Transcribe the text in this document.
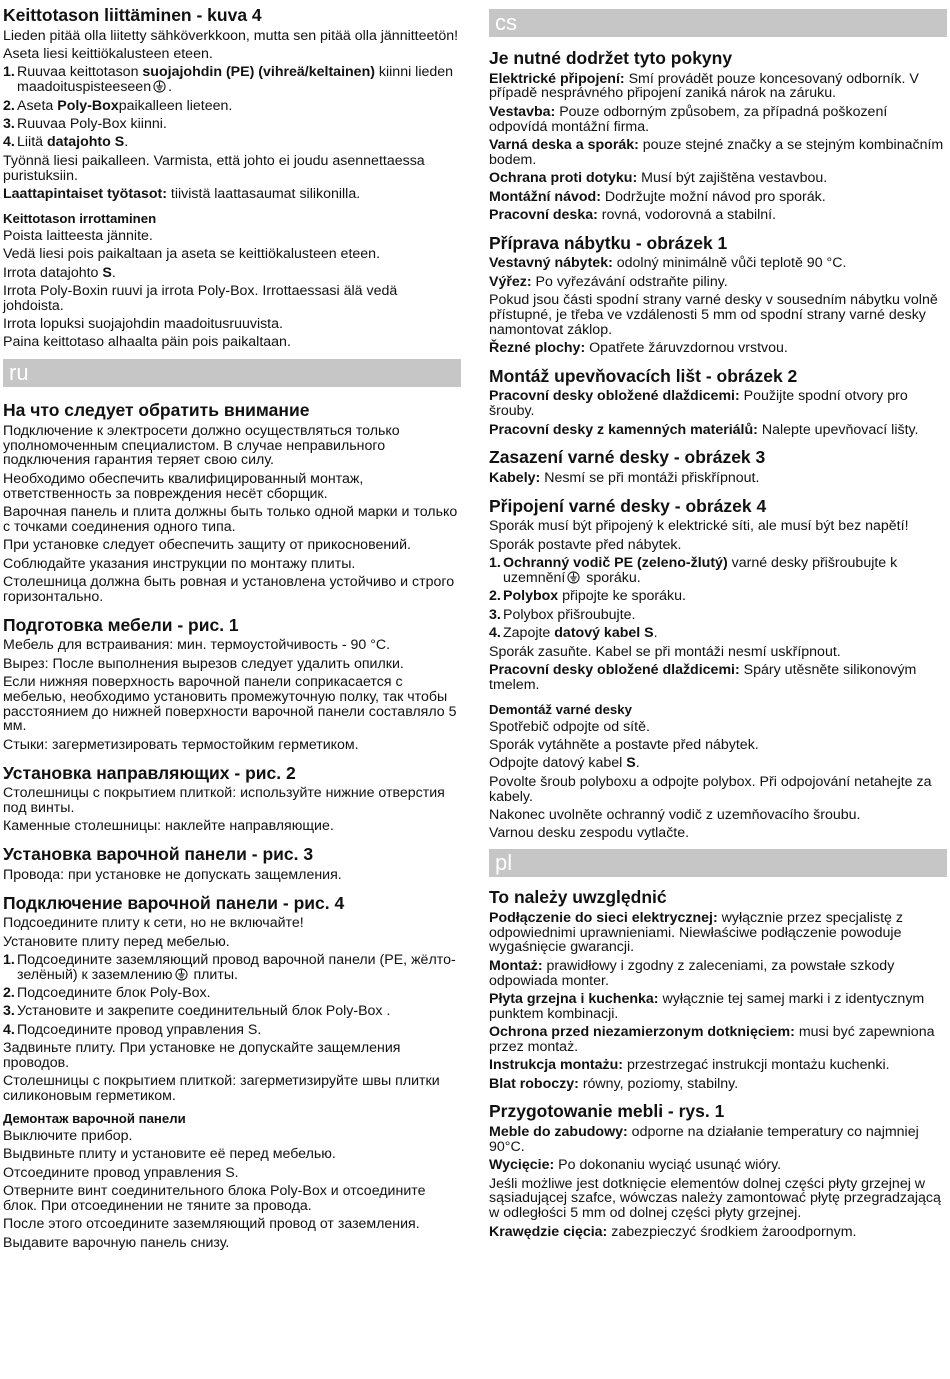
Keittotason liittäminen - kuva 4
Lieden pitää olla liitetty sähköverkkoon, mutta sen pitää olla jännitteetön!
Aseta liesi keittiökalusteen eteen.
1. Ruuvaa keittotason suojajohdin (PE) (vihreä/keltainen) kiinni lieden maadoituspisteeseen .
2. Aseta Poly-Boxpaikalleen lieteen.
3. Ruuvaa Poly-Box kiinni.
4. Liitä datajohto S.
Työnnä liesi paikalleen. Varmista, että johto ei joudu asennettaessa puristuksiin.
Laattapintaiset työtasot: tiivistä laattasaumat silikonilla.
Keittotason irrottaminen
Poista laitteesta jännite.
Vedä liesi pois paikaltaan ja aseta se keittiökalusteen eteen.
Irrota datajohto S.
Irrota Poly-Boxin ruuvi ja irrota Poly-Box. Irrottaessasi älä vedä johdoista.
Irrota lopuksi suojajohdin maadoitusruuvista.
Paina keittotaso alhaalta päin pois paikaltaan.
ru
На что следует обратить внимание
Подключение к электросети должно осуществляться только уполномоченным специалистом. В случае неправильного подключения гарантия теряет свою силу.
Необходимо обеспечить квалифицированный монтаж, ответственность за повреждения несёт сборщик.
Варочная панель и плита должны быть только одной марки и только с точками соединения одного типа.
При установке следует обеспечить защиту от прикосновений.
Соблюдайте указания инструкции по монтажу плиты.
Столешница должна быть ровная и установлена устойчиво и строго горизонтально.
Подготовка мебели - рис. 1
Мебель для встраивания: мин. термоустойчивость - 90 °C.
Вырез: После выполнения вырезов следует удалить опилки.
Если нижняя поверхность варочной панели соприкасается с мебелью, необходимо установить промежуточную полку, так чтобы расстоянием до нижней поверхности варочной панели составляло 5 мм.
Стыки: загерметизировать термостойким герметиком.
Установка направляющих - рис. 2
Столешницы с покрытием плиткой: используйте нижние отверстия под винты.
Каменные столешницы: наклейте направляющие.
Установка варочной панели - рис. 3
Провода: при установке не допускать защемления.
Подключение варочной панели - рис. 4
Подсоедините плиту к сети, но не включайте!
Установите плиту перед мебелью.
1. Подсоедините заземляющий провод варочной панели (PE, жёлто-зелёный) к заземлению плиты.
2. Подсоедините блок Poly-Box.
3. Установите и закрепите соединительный блок Poly-Box .
4. Подсоедините провод управления S.
Задвиньте плиту. При установке не допускайте защемления проводов.
Столешницы с покрытием плиткой: загерметизируйте швы плитки силиконовым герметиком.
Демонтаж варочной панели
Выключите прибор.
Выдвиньте плиту и установите её перед мебелью.
Отсоедините провод управления S.
Отверните винт соединительного блока Poly-Box и отсоедините блок. При отсоединении не тяните за провода.
После этого отсоедините заземляющий провод от заземления.
Выдавите варочную панель снизу.
cs
Je nutné dodržet tyto pokyny
Elektrické připojení: Smí provádět pouze koncesovaný odborník. V případě nesprávného připojení zaniká nárok na záruku.
Vestavba: Pouze odborným způsobem, za případná poškození odpovídá montážní firma.
Varná deska a sporák: pouze stejné značky a se stejným kombinačním bodem.
Ochrana proti dotyku: Musí být zajištěna vestavbou.
Montážní návod: Dodržujte možní návod pro sporák.
Pracovní deska: rovná, vodorovná a stabilní.
Příprava nábytku - obrázek 1
Vestavný nábytek: odolný minimálně vůči teplotě 90 °C.
Výřez: Po vyřezávání odstraňte piliny.
Pokud jsou části spodní strany varné desky v sousedním nábytku volně přístupné, je třeba ve vzdálenosti 5 mm od spodní strany varné desky namontovat záklop.
Řezné plochy: Opatřete žáruvzdornou vrstvou.
Montáž upevňovacích lišt - obrázek 2
Pracovní desky obložené dlaždicemi: Použijte spodní otvory pro šrouby.
Pracovní desky z kamenných materiálů: Nalepte upevňovací lišty.
Zasazení varné desky - obrázek 3
Kabely: Nesmí se při montáži přiskřípnout.
Připojení varné desky - obrázek 4
Sporák musí být připojený k elektrické síti, ale musí být bez napětí!
Sporák postavte před nábytek.
1. Ochranný vodič PE (zeleno-žlutý) varné desky přišroubujte k uzemnění sporáku.
2. Polybox připojte ke sporáku.
3. Polybox přišroubujte.
4. Zapojte datový kabel S.
Sporák zasuňte. Kabel se při montáži nesmí uskřípnout.
Pracovní desky obložené dlaždicemi: Spáry utěsněte silikonovým tmelem.
Demontáž varné desky
Spotřebič odpojte od sítě.
Sporák vytáhněte a postavte před nábytek.
Odpojte datový kabel S.
Povolte šroub polyboxu a odpojte polybox. Při odpojování netahejte za kabely.
Nakonec uvolněte ochranný vodič z uzemňovacího šroubu.
Varnou desku zespodu vytlačte.
pl
To należy uwzględnić
Podłączenie do sieci elektrycznej: wyłącznie przez specjalistę z odpowiednimi uprawnieniami. Niewłaściwe podłączenie powoduje wygaśnięcie gwarancji.
Montaż: prawidłowy i zgodny z zaleceniami, za powstałe szkody odpowiada monter.
Płyta grzejna i kuchenka: wyłącznie tej samej marki i z identycznym punktem kombinacji.
Ochrona przed niezamierzonym dotknięciem: musi być zapewniona przez montaż.
Instrukcja montażu: przestrzegać instrukcji montażu kuchenki.
Blat roboczy: równy, poziomy, stabilny.
Przygotowanie mebli - rys. 1
Meble do zabudowy: odporne na działanie temperatury co najmniej 90°C.
Wycięcie: Po dokonaniu wyciąć usunąć wióry.
Jeśli możliwe jest dotknięcie elementów dolnej części płyty grzejnej w sąsiadującej szafce, wówczas należy zamontować płytę przegradzającą w odległości 5 mm od dolnej części płyty grzejnej.
Krawędzie cięcia: zabezpieczyć środkiem żaroodpornym.
